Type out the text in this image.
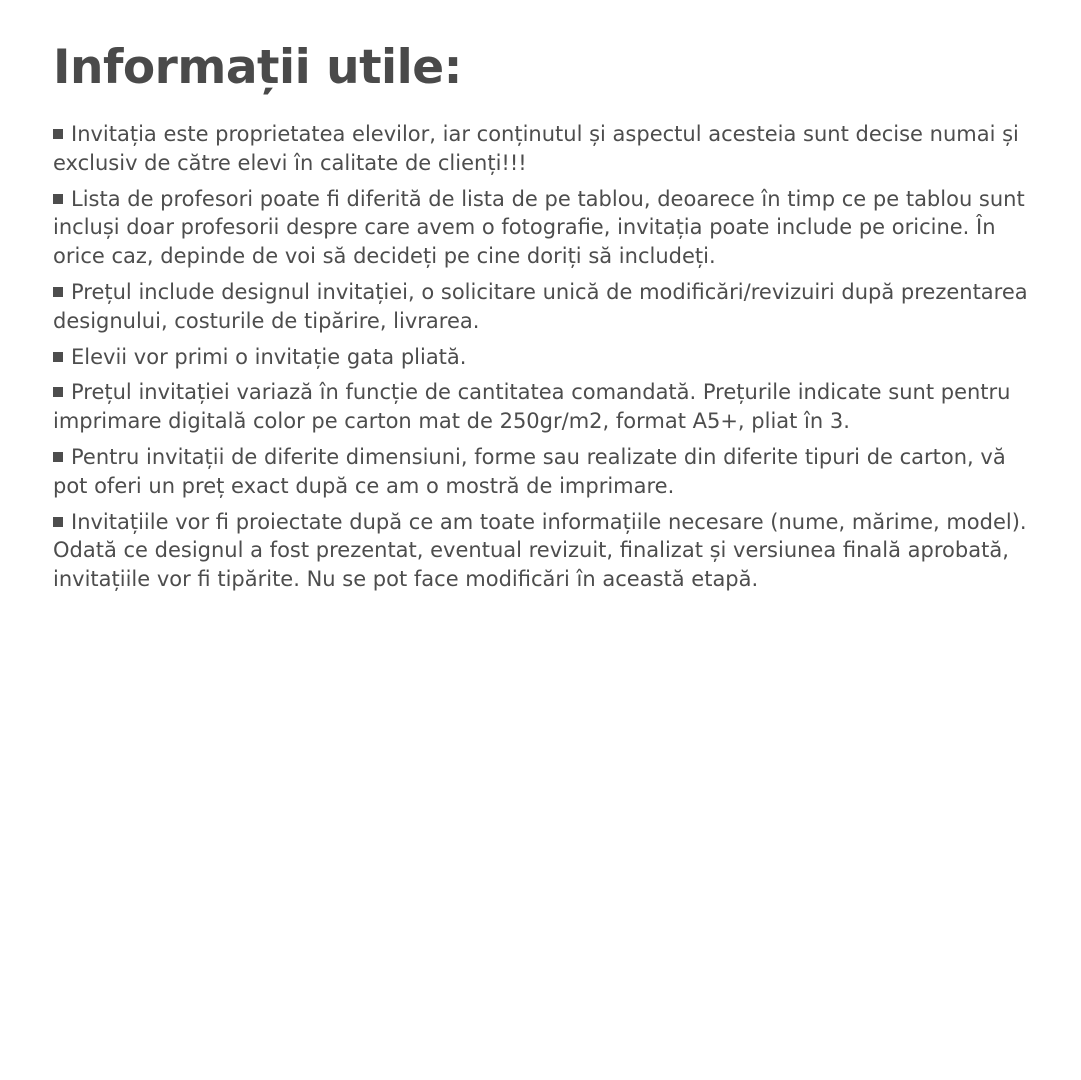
Informații utile:
Invitația este proprietatea elevilor, iar conținutul și aspectul acesteia sunt decise numai și exclusiv de către elevi în calitate de clienți!!!
Lista de profesori poate fi diferită de lista de pe tablou, deoarece în timp ce pe tablou sunt incluși doar profesorii despre care avem o fotografie, invitația poate include pe oricine. În orice caz, depinde de voi să decideți pe cine doriți să includeți.
Prețul include designul invitației, o solicitare unică de modificări/revizuiri după prezentarea designului, costurile de tipărire, livrarea.
Elevii vor primi o invitație gata pliată.
Prețul invitației variază în funcție de cantitatea comandată. Prețurile indicate sunt pentru imprimare digitală color pe carton mat de 250gr/m2, format A5+, pliat în 3.
Pentru invitații de diferite dimensiuni, forme sau realizate din diferite tipuri de carton, vă pot oferi un preț exact după ce am o mostră de imprimare.
Invitațiile vor fi proiectate după ce am toate informațiile necesare (nume, mărime, model). Odată ce designul a fost prezentat, eventual revizuit, finalizat și versiunea finală aprobată, invitațiile vor fi tipărite. Nu se pot face modificări în această etapă.
